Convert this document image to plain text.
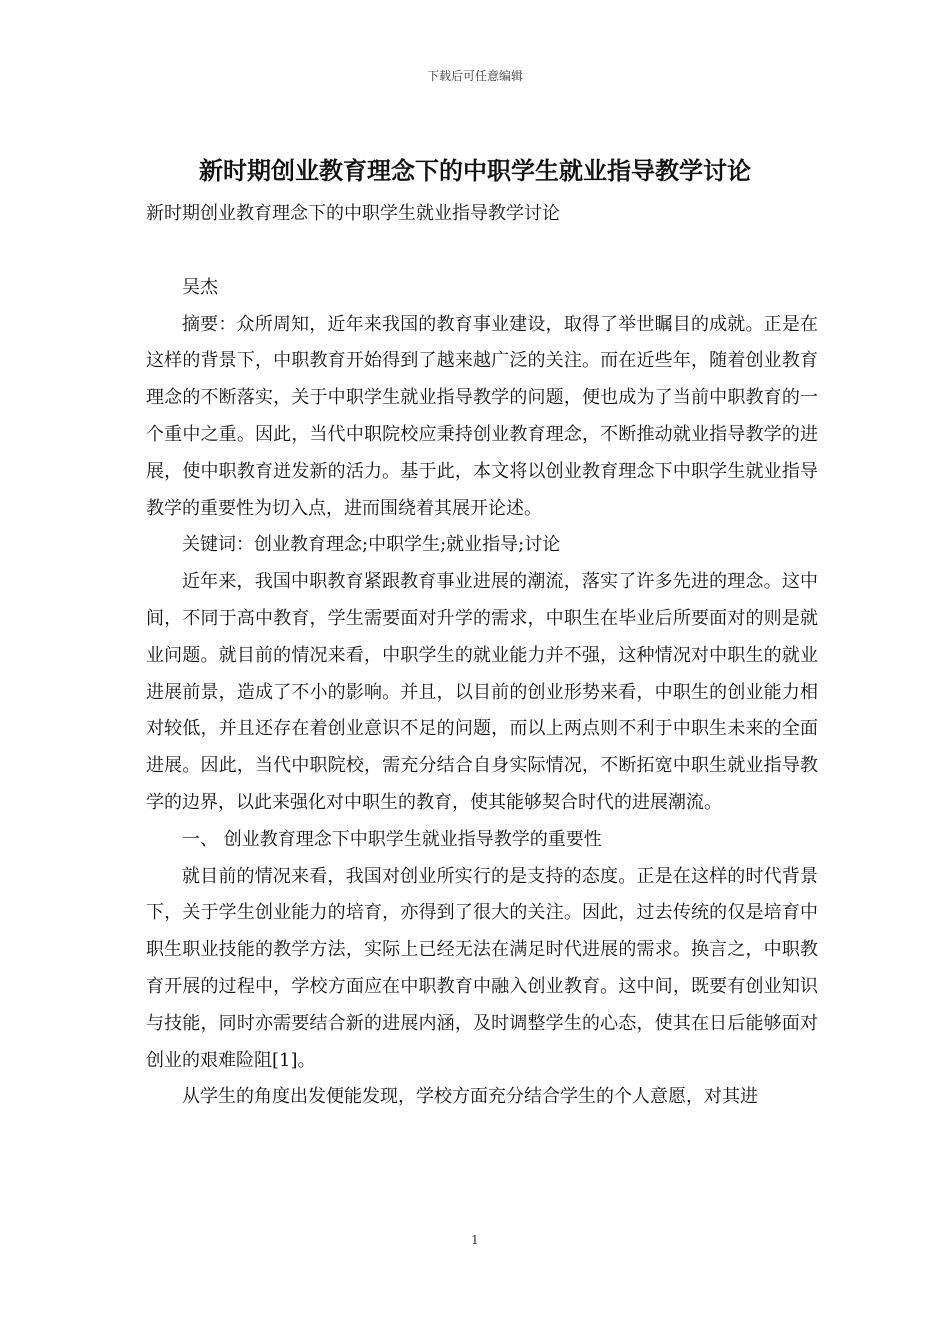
下载后可任意编辑
新时期创业教育理念下的中职学生就业指导教学讨论

新时期创业教育理念下的中职学生就业指导教学讨论

吴杰

摘要：众所周知，近年来我国的教育事业建设，取得了举世瞩目的成就。正是在这样的背景下，中职教育开始得到了越来越广泛的关注。而在近些年，随着创业教育理念的不断落实，关于中职学生就业指导教学的问题，便也成为了当前中职教育的一个重中之重。因此，当代中职院校应秉持创业教育理念，不断推动就业指导教学的进展，使中职教育迸发新的活力。基于此，本文将以创业教育理念下中职学生就业指导教学的重要性为切入点，进而围绕着其展开论述。

关键词：创业教育理念;中职学生;就业指导;讨论

近年来，我国中职教育紧跟教育事业进展的潮流，落实了许多先进的理念。这中间，不同于高中教育，学生需要面对升学的需求，中职生在毕业后所要面对的则是就业问题。就目前的情况来看，中职学生的就业能力并不强，这种情况对中职生的就业进展前景，造成了不小的影响。并且，以目前的创业形势来看，中职生的创业能力相对较低，并且还存在着创业意识不足的问题，而以上两点则不利于中职生未来的全面进展。因此，当代中职院校，需充分结合自身实际情况，不断拓宽中职生就业指导教学的边界，以此来强化对中职生的教育，使其能够契合时代的进展潮流。

一、 创业教育理念下中职学生就业指导教学的重要性

就目前的情况来看，我国对创业所实行的是支持的态度。正是在这样的时代背景下，关于学生创业能力的培育，亦得到了很大的关注。因此，过去传统的仅是培育中职生职业技能的教学方法，实际上已经无法在满足时代进展的需求。换言之，中职教育开展的过程中，学校方面应在中职教育中融入创业教育。这中间，既要有创业知识与技能，同时亦需要结合新的进展内涵，及时调整学生的心态，使其在日后能够面对创业的艰难险阻[1]。

从学生的角度出发便能发现，学校方面充分结合学生的个人意愿，对其进

1
